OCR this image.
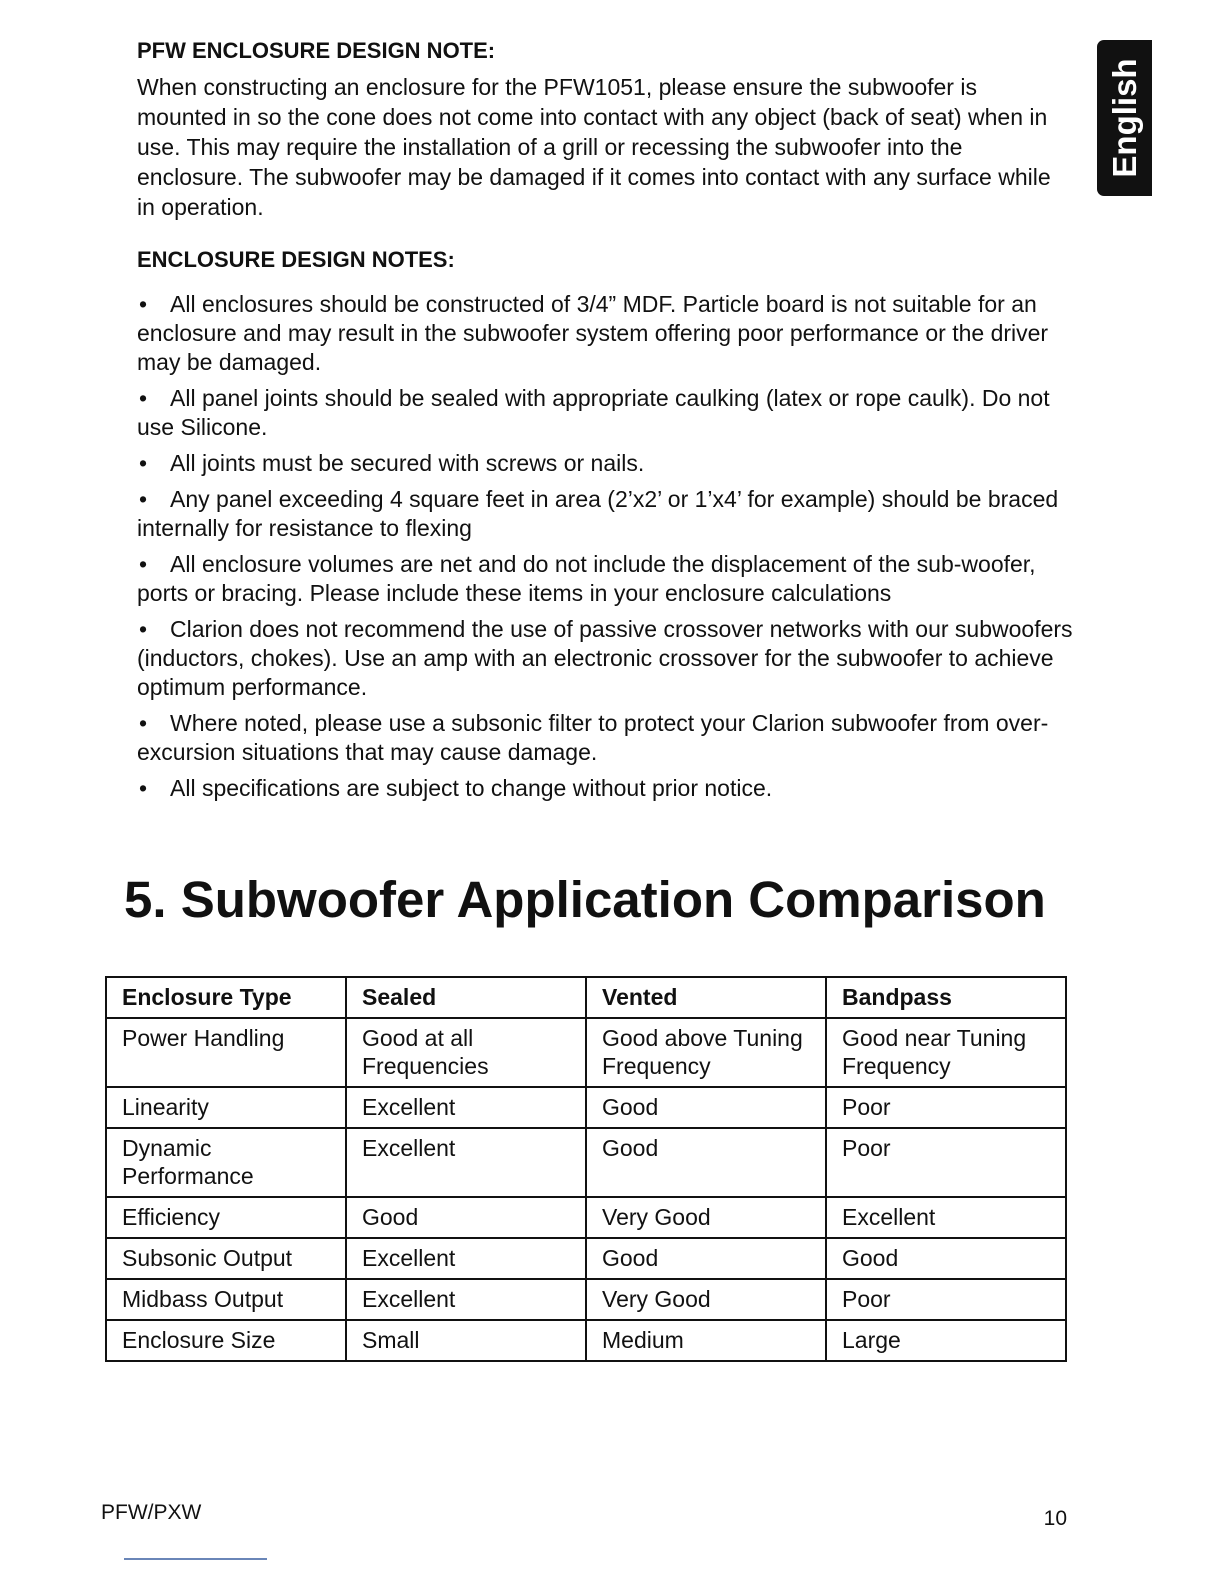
English
PFW ENCLOSURE DESIGN NOTE:

When constructing an enclosure for the PFW1051, please ensure the subwoofer is mounted in so the cone does not come into contact with any object (back of seat) when in use. This may require the installation of a grill or recessing the subwoofer into the enclosure. The subwoofer may be damaged if it comes into contact with any surface while in operation.

ENCLOSURE DESIGN NOTES:
• All enclosures should be constructed of 3/4” MDF. Particle board is not suitable for an enclosure and may result in the subwoofer system offering poor performance or the driver may be damaged.
• All panel joints should be sealed with appropriate caulking (latex or rope caulk). Do not use Silicone.
• All joints must be secured with screws or nails.
• Any panel exceeding 4 square feet in area (2’x2’ or 1’x4’ for example) should be braced internally for resistance to flexing
• All enclosure volumes are net and do not include the displacement of the sub-woofer, ports or bracing. Please include these items in your enclosure calculations
• Clarion does not recommend the use of passive crossover networks with our subwoofers (inductors, chokes). Use an amp with an electronic crossover for the subwoofer to achieve optimum performance.
• Where noted, please use a subsonic filter to protect your Clarion subwoofer from over-excursion situations that may cause damage.
• All specifications are subject to change without prior notice.
5. Subwoofer Application Comparison
Enclosure Type	Sealed	Vented	Bandpass
Power Handling	Good at all Frequencies	Good above Tuning Frequency	Good near Tuning Frequency
Linearity	Excellent	Good	Poor
Dynamic Performance	Excellent	Good	Poor
Efficiency	Good	Very Good	Excellent
Subsonic Output	Excellent	Good	Good
Midbass Output	Excellent	Very Good	Poor
Enclosure Size	Small	Medium	Large
PFW/PXW	10
